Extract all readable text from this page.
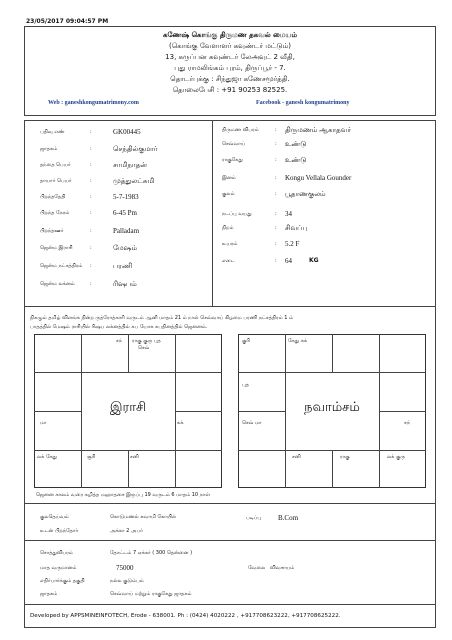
23/05/2017 09:04:57 PM
கணேஷ் கொங்கு திருமண தகவல் மையம்
(கொங்கு வேளாளர் கவுண்டர் மட்டும்)
13, கருப்பன கவுண்டர் லேஅவுட் 2 வீதி,
புது ராமலிங்கம் புரம், திருப்பூர் - 7.
தொடர்புக்கு : சிந்துஜா கணேசமூர்த்தி.
தொலைபேசி : +91 90253 82525.
Web : ganeshkongumatrimony.com	Facebook - ganesh kongumatrimony
பதிவு எண்	:	GK00445
ஜாதகம்	:	செந்தில்குமார்
தந்தை பெயர்	:	சாமிநாதன்
தாயார் பெயர்	:	முத்துலட்சுமி
பிறந்ததேதி	:	5-7-1983
பிறந்த நேரம்	:	6-45 Pm
பிறந்தஊர்	:	Palladam
ஜென்ம இராசி	:	மேஷம்
ஜென்ம நட்சத்திரம் :	பரணி
ஜென்ம லக்னம்	:	ரிஷபம்
திருமண விபரம்	: திருமணம் ஆகாதவர்
செவ்வாய்	: உண்டு
ராகுகேது	: உண்டு
இனம்	: Kongu Vellala Gounder
குலம்	: பூதாணகுலம்
நடப்பு வயது	: 34
நிறம்	: சிவப்பு
உயரம்	: 5.2 F
எடை	: 64	KG
நிகழும் தமிழ் விளங்க நின்ற ருத்ரோத்காரி வருடம் ஆனி மாதம் 21 ம் நாள் செவ்வாய் கிழமை பரணி நட்சத்திரம் 1 ம்
பாதத்தில் மேஷம் ராசியில் ரிஷப லக்னத்தில் சுப யோக சுபதினத்தில் ஜெனனம்.
இராசி
சந் ராகு குரு புத
செவ்
மா	சுக்
லக் கேது	சூரி	சனி
நவாம்சம்
குரி	கேது சுக்
புத
செவ் மா	சந்
சனி	ராகு	லக் குரு
ஜெனன காலம் வரை கழித்த மஹாதசை இருப்பு 19 வருடம் 6 மாதம் 10 நாள்
குலதெய்வம்	கொடுமணல் சுவாமி கோயில்	படிப்பு B.Com
உடன் பிறந்தோர்	அக்கா 2 அபர்
சொத்துவிபரம்	தோட்டம் 7 ஏக்கர் ( 300 தென்னை )
மாத வருமானம்	75000	வேலை விவசாயம்
எதிர்பார்க்கும் தகுதி	நல்ல குடும்பம்
ஜாதகம்	செவ்வாய் மற்றும் ராகுகேது ஜாதகம்
Developed by APPSMINEINFOTECH, Erode - 638001. Ph : (0424) 4020222 , +917708623222, +917708625222.
